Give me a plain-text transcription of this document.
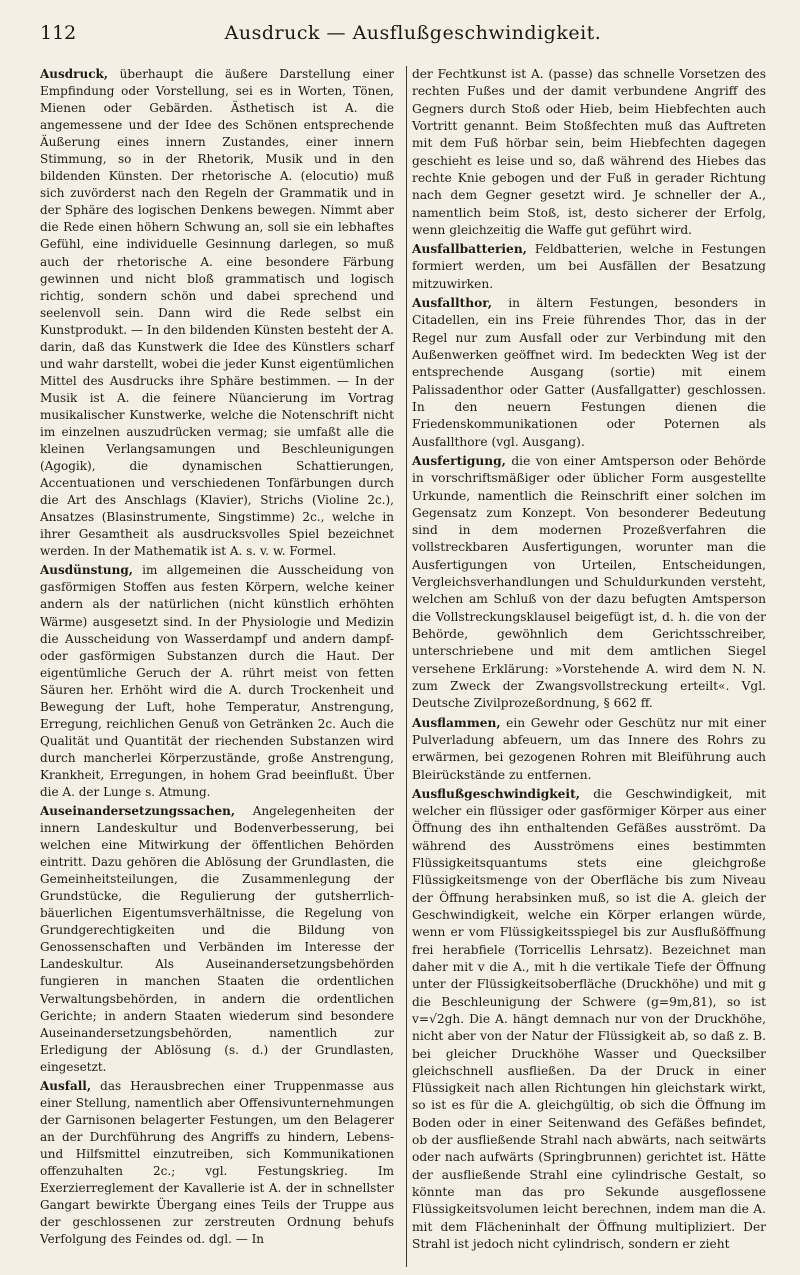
112	Ausdruck — Ausflußgeschwindigkeit.

Ausdruck, überhaupt die äußere Darstellung einer Empfindung oder Vorstellung, sei es in Worten, Tönen, Mienen oder Gebärden. Ästhetisch ist A. die angemessene und der Idee des Schönen entsprechende Äußerung eines innern Zustandes, einer innern Stimmung, so in der Rhetorik, Musik und in den bildenden Künsten. Der rhetorische A. (elocutio) muß sich zuvörderst nach den Regeln der Grammatik und in der Sphäre des logischen Denkens bewegen. Nimmt aber die Rede einen höhern Schwung an, soll sie ein lebhaftes Gefühl, eine individuelle Gesinnung darlegen, so muß auch der rhetorische A. eine besondere Färbung gewinnen und nicht bloß grammatisch und logisch richtig, sondern schön und dabei sprechend und seelenvoll sein. Dann wird die Rede selbst ein Kunstprodukt. — In den bildenden Künsten besteht der A. darin, daß das Kunstwerk die Idee des Künstlers scharf und wahr darstellt, wobei die jeder Kunst eigentümlichen Mittel des Ausdrucks ihre Sphäre bestimmen. — In der Musik ist A. die feinere Nüancierung im Vortrag musikalischer Kunstwerke, welche die Notenschrift nicht im einzelnen auszudrücken vermag; sie umfaßt alle die kleinen Verlangsamungen und Beschleunigungen (Agogik), die dynamischen Schattierungen, Accentuationen und verschiedenen Tonfärbungen durch die Art des Anschlags (Klavier), Strichs (Violine 2c.), Ansatzes (Blasinstrumente, Singstimme) 2c., welche in ihrer Gesamtheit als ausdrucksvolles Spiel bezeichnet werden. In der Mathematik ist A. s. v. w. Formel.

Ausdünstung, im allgemeinen die Ausscheidung von gasförmigen Stoffen aus festen Körpern, welche keiner andern als der natürlichen (nicht künstlich erhöhten Wärme) ausgesetzt sind. In der Physiologie und Medizin die Ausscheidung von Wasserdampf und andern dampf- oder gasförmigen Substanzen durch die Haut. Der eigentümliche Geruch der A. rührt meist von fetten Säuren her. Erhöht wird die A. durch Trockenheit und Bewegung der Luft, hohe Temperatur, Anstrengung, Erregung, reichlichen Genuß von Getränken 2c. Auch die Qualität und Quantität der riechenden Substanzen wird durch mancherlei Körperzustände, große Anstrengung, Krankheit, Erregungen, in hohem Grad beeinflußt. Über die A. der Lunge s. Atmung.

Auseinandersetzungssachen, Angelegenheiten der innern Landeskultur und Bodenverbesserung, bei welchen eine Mitwirkung der öffentlichen Behörden eintritt. Dazu gehören die Ablösung der Grundlasten, die Gemeinheitsteilungen, die Zusammenlegung der Grundstücke, die Regulierung der gutsherrlich-bäuerlichen Eigentumsverhältnisse, die Regelung von Grundgerechtigkeiten und die Bildung von Genossenschaften und Verbänden im Interesse der Landeskultur. Als Auseinandersetzungsbehörden fungieren in manchen Staaten die ordentlichen Verwaltungsbehörden, in andern die ordentlichen Gerichte; in andern Staaten wiederum sind besondere Auseinandersetzungsbehörden, namentlich zur Erledigung der Ablösung (s. d.) der Grundlasten, eingesetzt.

Ausfall, das Herausbrechen einer Truppenmasse aus einer Stellung, namentlich aber Offensivunternehmungen der Garnisonen belagerter Festungen, um den Belagerer an der Durchführung des Angriffs zu hindern, Lebens- und Hilfsmittel einzutreiben, sich Kommunikationen offenzuhalten 2c.; vgl. Festungskrieg. Im Exerzierreglement der Kavallerie ist A. der in schnellster Gangart bewirkte Übergang eines Teils der Truppe aus der geschlossenen zur zerstreuten Ordnung behufs Verfolgung des Feindes od. dgl. — In

der Fechtkunst ist A. (passe) das schnelle Vorsetzen des rechten Fußes und der damit verbundene Angriff des Gegners durch Stoß oder Hieb, beim Hiebfechten auch Vortritt genannt. Beim Stoßfechten muß das Auftreten mit dem Fuß hörbar sein, beim Hiebfechten dagegen geschieht es leise und so, daß während des Hiebes das rechte Knie gebogen und der Fuß in gerader Richtung nach dem Gegner gesetzt wird. Je schneller der A., namentlich beim Stoß, ist, desto sicherer der Erfolg, wenn gleichzeitig die Waffe gut geführt wird.

Ausfallbatterien, Feldbatterien, welche in Festungen formiert werden, um bei Ausfällen der Besatzung mitzuwirken.

Ausfallthor, in ältern Festungen, besonders in Citadellen, ein ins Freie führendes Thor, das in der Regel nur zum Ausfall oder zur Verbindung mit den Außenwerken geöffnet wird. Im bedeckten Weg ist der entsprechende Ausgang (sortie) mit einem Palissadenthor oder Gatter (Ausfallgatter) geschlossen. In den neuern Festungen dienen die Friedenskommunikationen oder Poternen als Ausfallthore (vgl. Ausgang).

Ausfertigung, die von einer Amtsperson oder Behörde in vorschriftsmäßiger oder üblicher Form ausgestellte Urkunde, namentlich die Reinschrift einer solchen im Gegensatz zum Konzept. Von besonderer Bedeutung sind in dem modernen Prozeßverfahren die vollstreckbaren Ausfertigungen, worunter man die Ausfertigungen von Urteilen, Entscheidungen, Vergleichsverhandlungen und Schuldurkunden versteht, welchen am Schluß von der dazu befugten Amtsperson die Vollstreckungsklausel beigefügt ist, d. h. die von der Behörde, gewöhnlich dem Gerichtsschreiber, unterschriebene und mit dem amtlichen Siegel versehene Erklärung: »Vorstehende A. wird dem N. N. zum Zweck der Zwangsvollstreckung erteilt«. Vgl. Deutsche Zivilprozeßordnung, § 662 ff.

Ausflammen, ein Gewehr oder Geschütz nur mit einer Pulverladung abfeuern, um das Innere des Rohrs zu erwärmen, bei gezogenen Rohren mit Bleiführung auch Bleirückstände zu entfernen.

Ausflußgeschwindigkeit, die Geschwindigkeit, mit welcher ein flüssiger oder gasförmiger Körper aus einer Öffnung des ihn enthaltenden Gefäßes ausströmt. Da während des Ausströmens eines bestimmten Flüssigkeitsquantums stets eine gleichgroße Flüssigkeitsmenge von der Oberfläche bis zum Niveau der Öffnung herabsinken muß, so ist die A. gleich der Geschwindigkeit, welche ein Körper erlangen würde, wenn er vom Flüssigkeitsspiegel bis zur Ausflußöffnung frei herabfiele (Torricellis Lehrsatz). Bezeichnet man daher mit v die A., mit h die vertikale Tiefe der Öffnung unter der Flüssigkeitsoberfläche (Druckhöhe) und mit g die Beschleunigung der Schwere (g=9m,81), so ist v=√2gh. Die A. hängt demnach nur von der Druckhöhe, nicht aber von der Natur der Flüssigkeit ab, so daß z. B. bei gleicher Druckhöhe Wasser und Quecksilber gleichschnell ausfließen. Da der Druck in einer Flüssigkeit nach allen Richtungen hin gleichstark wirkt, so ist es für die A. gleichgültig, ob sich die Öffnung im Boden oder in einer Seitenwand des Gefäßes befindet, ob der ausfließende Strahl nach abwärts, nach seitwärts oder nach aufwärts (Springbrunnen) gerichtet ist. Hätte der ausfließende Strahl eine cylindrische Gestalt, so könnte man das pro Sekunde ausgeflossene Flüssigkeitsvolumen leicht berechnen, indem man die A. mit dem Flächeninhalt der Öffnung multipliziert. Der Strahl ist jedoch nicht cylindrisch, sondern er zieht
